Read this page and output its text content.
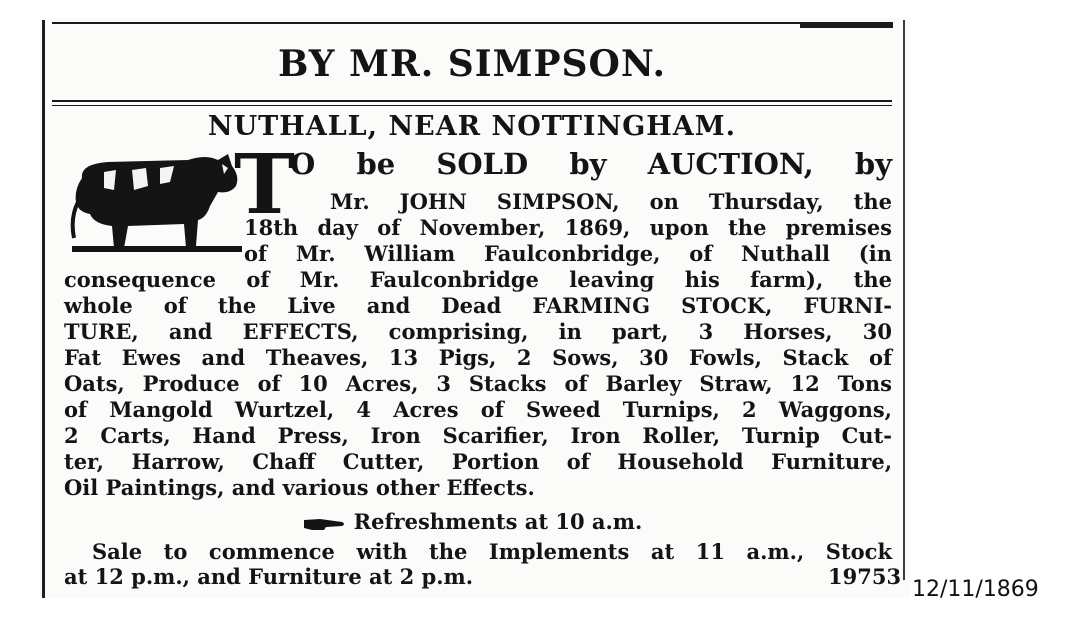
BY MR. SIMPSON.
NUTHALL, NEAR NOTTINGHAM.
T
O be SOLD by AUCTION, by
Mr. JOHN SIMPSON, on Thursday, the
18th day of November, 1869, upon the premises
of Mr. William Faulconbridge, of Nuthall (in
consequence of Mr. Faulconbridge leaving his farm), the
whole of the Live and Dead FARMING STOCK, FURNI-
TURE, and EFFECTS, comprising, in part, 3 Horses, 30
Fat Ewes and Theaves, 13 Pigs, 2 Sows, 30 Fowls, Stack of
Oats, Produce of 10 Acres, 3 Stacks of Barley Straw, 12 Tons
of Mangold Wurtzel, 4 Acres of Sweed Turnips, 2 Waggons,
2 Carts, Hand Press, Iron Scarifier, Iron Roller, Turnip Cut-
ter, Harrow, Chaff Cutter, Portion of Household Furniture,
Oil Paintings, and various other Effects.
Refreshments at 10 a.m.
Sale to commence with the Implements at 11 a.m., Stock
at 12 p.m., and Furniture at 2 p.m.	19753
12/11/1869
